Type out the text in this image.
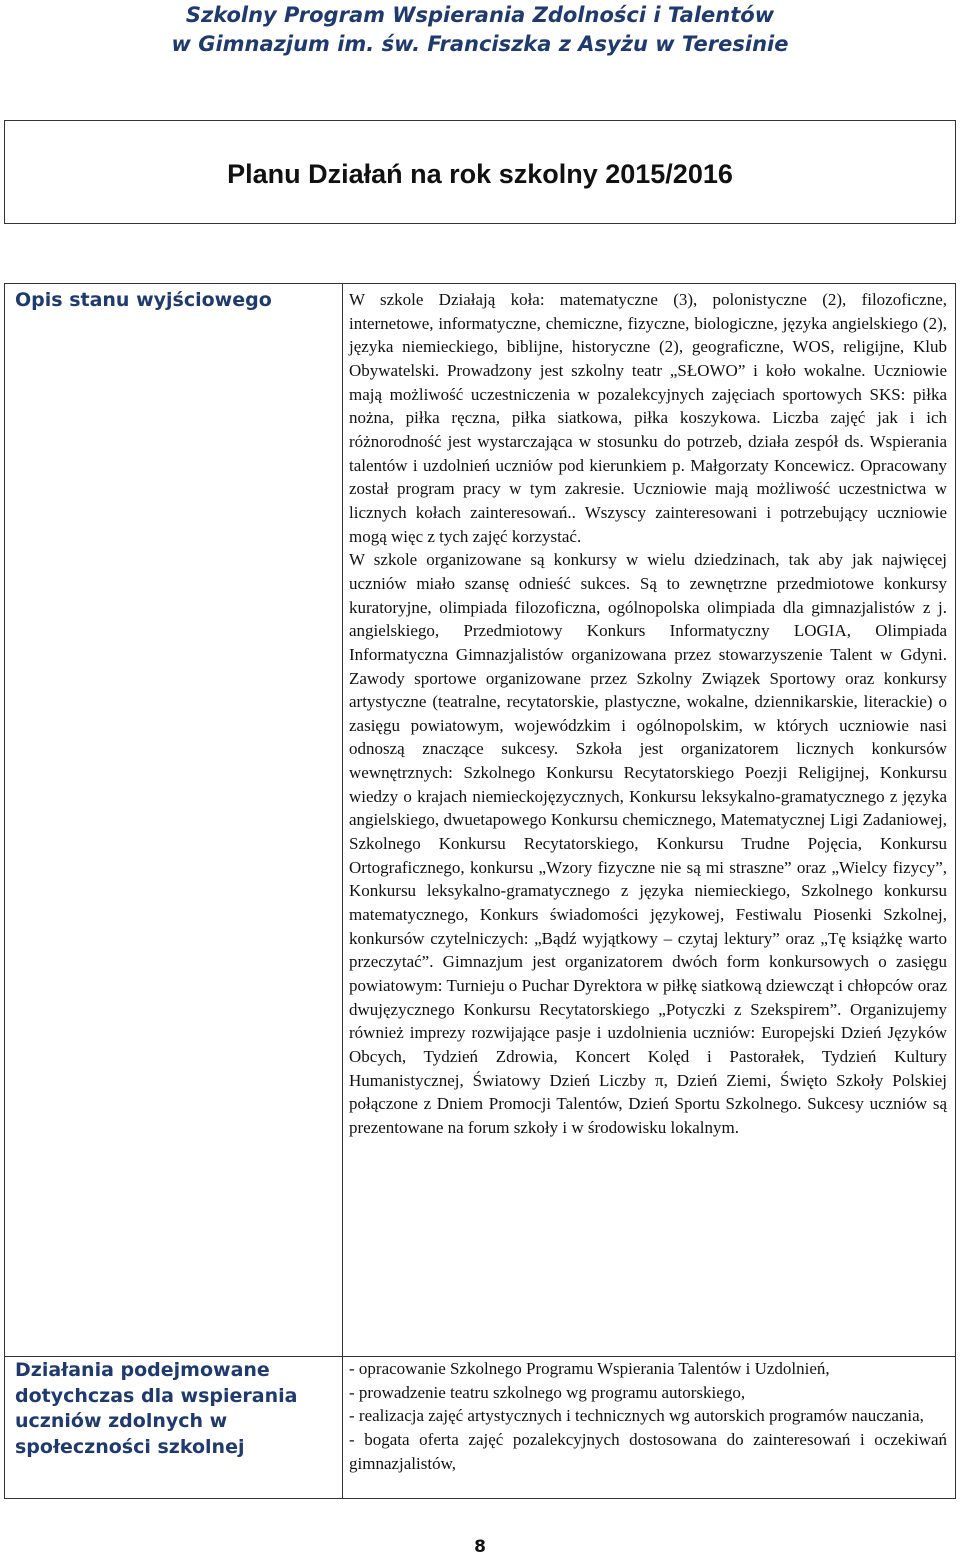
Szkolny Program Wspierania Zdolności i Talentów
w Gimnazjum im. św. Franciszka z Asyżu w Teresinie
Planu Działań na rok szkolny 2015/2016
Opis stanu wyjściowego	W szkole Działają koła: matematyczne (3), polonistyczne (2), filozoficzne, internetowe, informatyczne, chemiczne, fizyczne, biologiczne, języka angielskiego (2), języka niemieckiego, biblijne, historyczne (2), geograficzne, WOS, religijne, Klub Obywatelski. Prowadzony jest szkolny teatr „SŁOWO” i koło wokalne. Uczniowie mają możliwość uczestniczenia w pozalekcyjnych zajęciach sportowych SKS: piłka nożna, piłka ręczna, piłka siatkowa, piłka koszykowa. Liczba zajęć jak i ich różnorodność jest wystarczająca w stosunku do potrzeb, działa zespół ds. Wspierania talentów i uzdolnień uczniów pod kierunkiem p. Małgorzaty Koncewicz. Opracowany został program pracy w tym zakresie. Uczniowie mają możliwość uczestnictwa w licznych kołach zainteresowań.. Wszyscy zainteresowani i potrzebujący uczniowie mogą więc z tych zajęć korzystać.

W szkole organizowane są konkursy w wielu dziedzinach, tak aby jak najwięcej uczniów miało szansę odnieść sukces. Są to zewnętrzne przedmiotowe konkursy kuratoryjne, olimpiada filozoficzna, ogólnopolska olimpiada dla gimnazjalistów z j. angielskiego, Przedmiotowy Konkurs Informatyczny LOGIA, Olimpiada Informatyczna Gimnazjalistów organizowana przez stowarzyszenie Talent w Gdyni. Zawody sportowe organizowane przez Szkolny Związek Sportowy oraz konkursy artystyczne (teatralne, recytatorskie, plastyczne, wokalne, dziennikarskie, literackie) o zasięgu powiatowym, wojewódzkim i ogólnopolskim, w których uczniowie nasi odnoszą znaczące sukcesy. Szkoła jest organizatorem licznych konkursów wewnętrznych: Szkolnego Konkursu Recytatorskiego Poezji Religijnej, Konkursu wiedzy o krajach niemieckojęzycznych, Konkursu leksykalno-gramatycznego z języka angielskiego, dwuetapowego Konkursu chemicznego, Matematycznej Ligi Zadaniowej, Szkolnego Konkursu Recytatorskiego, Konkursu Trudne Pojęcia, Konkursu Ortograficznego, konkursu „Wzory fizyczne nie są mi straszne” oraz „Wielcy fizycy”, Konkursu leksykalno-gramatycznego z języka niemieckiego, Szkolnego konkursu matematycznego, Konkurs świadomości językowej, Festiwalu Piosenki Szkolnej, konkursów czytelniczych: „Bądź wyjątkowy – czytaj lektury” oraz „Tę książkę warto przeczytać”. Gimnazjum jest organizatorem dwóch form konkursowych o zasięgu powiatowym: Turnieju o Puchar Dyrektora w piłkę siatkową dziewcząt i chłopców oraz dwujęzycznego Konkursu Recytatorskiego „Potyczki z Szekspirem”. Organizujemy również imprezy rozwijające pasje i uzdolnienia uczniów: Europejski Dzień Języków Obcych, Tydzień Zdrowia, Koncert Kolęd i Pastorałek, Tydzień Kultury Humanistycznej, Światowy Dzień Liczby π, Dzień Ziemi, Święto Szkoły Polskiej połączone z Dniem Promocji Talentów, Dzień Sportu Szkolnego. Sukcesy uczniów są prezentowane na forum szkoły i w środowisku lokalnym.

Działania podejmowane dotychczas dla wspierania uczniów zdolnych w społeczności szkolnej

- opracowanie Szkolnego Programu Wspierania Talentów i Uzdolnień,

- prowadzenie teatru szkolnego wg programu autorskiego,

- realizacja zajęć artystycznych i technicznych wg autorskich programów nauczania,

- bogata oferta zajęć pozalekcyjnych dostosowana do zainteresowań i oczekiwań gimnazjalistów,

8
